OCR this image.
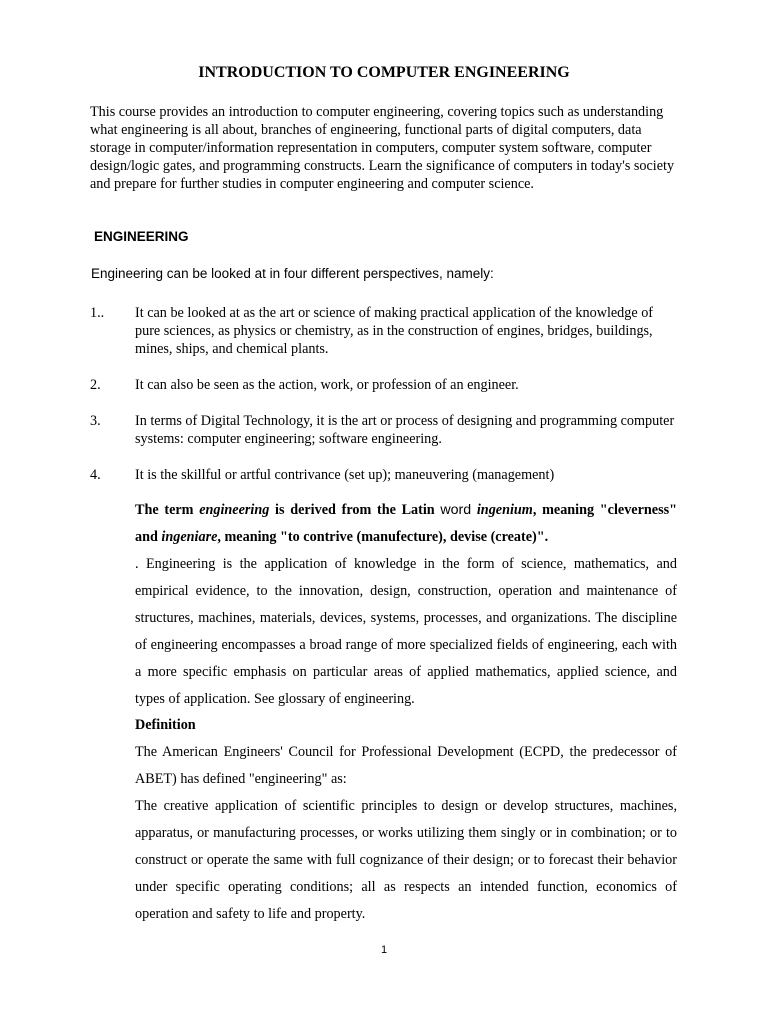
INTRODUCTION TO COMPUTER ENGINEERING
This course provides an introduction to computer engineering, covering topics such as understanding what engineering is all about, branches of engineering, functional parts of digital computers, data storage in computer/information representation in computers, computer system software, computer design/logic gates, and programming constructs. Learn the significance of computers in today's society and prepare for further studies in computer engineering and computer science.
ENGINEERING
Engineering can be looked at in four different perspectives, namely:
1.. It can be looked at as the art or science of making practical application of the knowledge of pure sciences, as physics or chemistry, as in the construction of engines, bridges, buildings, mines, ships, and chemical plants.
2. It can also be seen as the action, work, or profession of an engineer.
3. In terms of Digital Technology, it is the art or process of designing and programming computer systems: computer engineering; software engineering.
4. It is the skillful or artful contrivance (set up); maneuvering (management)
The term engineering is derived from the Latin word ingenium, meaning "cleverness" and ingeniare, meaning "to contrive (manufecture), devise (create)".
. Engineering is the application of knowledge in the form of science, mathematics, and empirical evidence, to the innovation, design, construction, operation and maintenance of structures, machines, materials, devices, systems, processes, and organizations. The discipline of engineering encompasses a broad range of more specialized fields of engineering, each with a more specific emphasis on particular areas of applied mathematics, applied science, and types of application. See glossary of engineering.
Definition
The American Engineers' Council for Professional Development (ECPD, the predecessor of ABET) has defined "engineering" as:
The creative application of scientific principles to design or develop structures, machines, apparatus, or manufacturing processes, or works utilizing them singly or in combination; or to construct or operate the same with full cognizance of their design; or to forecast their behavior under specific operating conditions; all as respects an intended function, economics of operation and safety to life and property.
1
